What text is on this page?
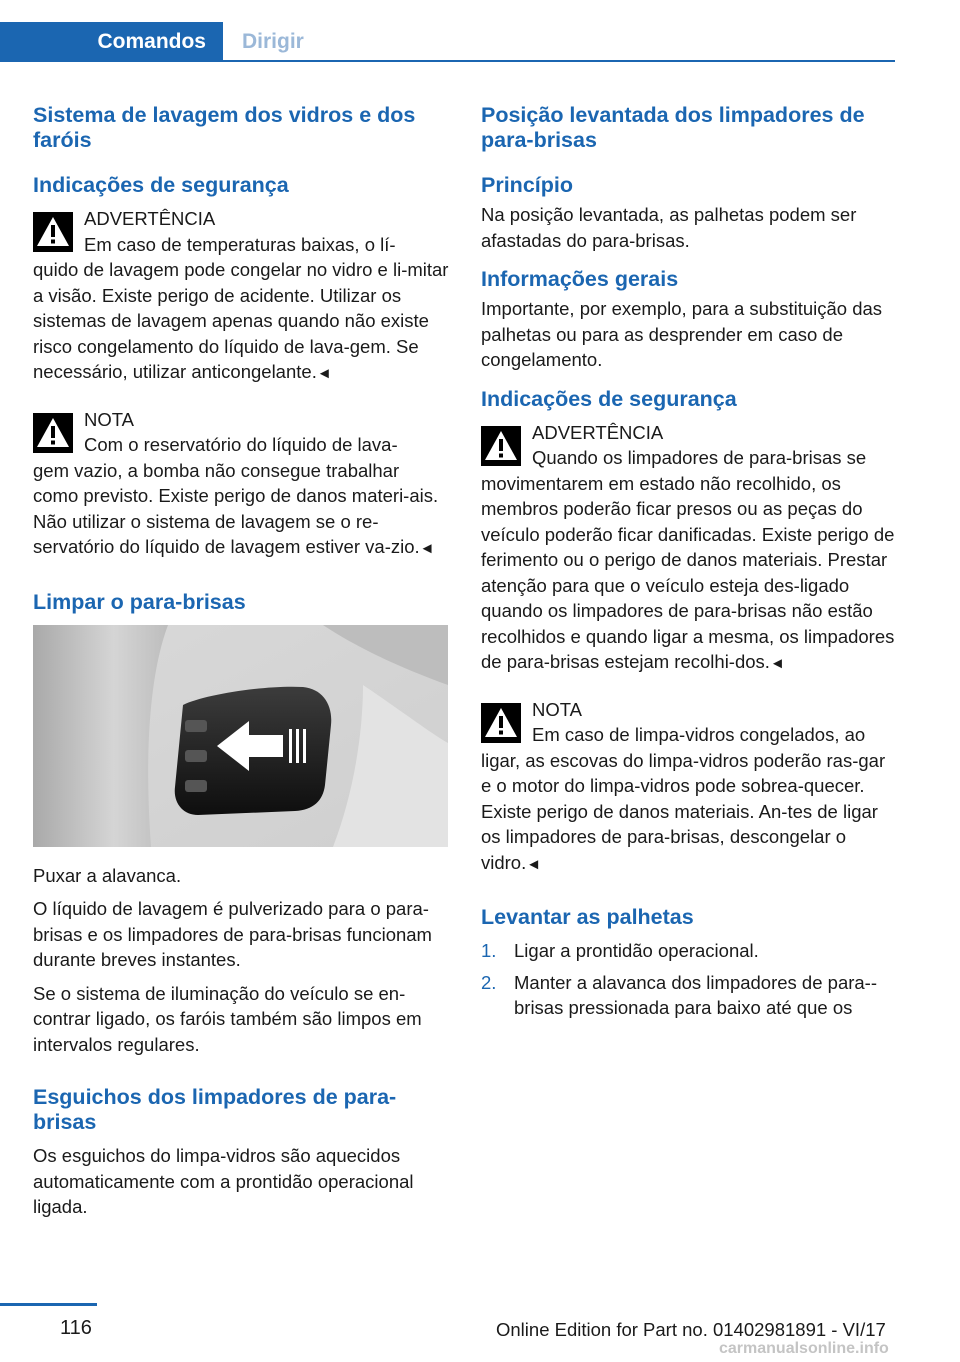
Comandos	Dirigir
Sistema de lavagem dos vidros e dos faróis
Indicações de segurança
ADVERTÊNCIA
Em caso de temperaturas baixas, o lí-
quido de lavagem pode congelar no vidro e li-mitar a visão. Existe perigo de acidente. Utilizar os sistemas de lavagem apenas quando não existe risco congelamento do líquido de lava-gem. Se necessário, utilizar anticongelante.◄
NOTA
Com o reservatório do líquido de lava-
gem vazio, a bomba não consegue trabalhar como previsto. Existe perigo de danos materi-ais. Não utilizar o sistema de lavagem se o re-servatório do líquido de lavagem estiver va-zio.◄
Limpar o para-brisas

Puxar a alavanca.

O líquido de lavagem é pulverizado para o para-brisas e os limpadores de para-brisas funcionam durante breves instantes.

Se o sistema de iluminação do veículo se en-contrar ligado, os faróis também são limpos em intervalos regulares.

Esguichos dos limpadores de para-brisas

Os esguichos do limpa-vidros são aquecidos automaticamente com a prontidão operacional ligada.

Posição levantada dos limpadores de para-brisas
Princípio

Na posição levantada, as palhetas podem ser afastadas do para-brisas.

Informações gerais

Importante, por exemplo, para a substituição das palhetas ou para as desprender em caso de congelamento.

Indicações de segurança
ADVERTÊNCIA
Quando os limpadores de para-brisas se
movimentarem em estado não recolhido, os membros poderão ficar presos ou as peças do veículo poderão ficar danificadas. Existe perigo de ferimento ou o perigo de danos materiais. Prestar atenção para que o veículo esteja des-ligado quando os limpadores de para-brisas não estão recolhidos e quando ligar a mesma, os limpadores de para-brisas estejam recolhi-dos.◄
NOTA
Em caso de limpa-vidros congelados, ao
ligar, as escovas do limpa-vidros poderão ras-gar e o motor do limpa-vidros pode sobrea-quecer. Existe perigo de danos materiais. An-tes de ligar os limpadores de para-brisas, descongelar o vidro.◄
Levantar as palhetas
1. Ligar a prontidão operacional.
2. Manter a alavanca dos limpadores de para--brisas pressionada para baixo até que os
116	Online Edition for Part no. 01402981891 - VI/17
carmanualsonline.info
